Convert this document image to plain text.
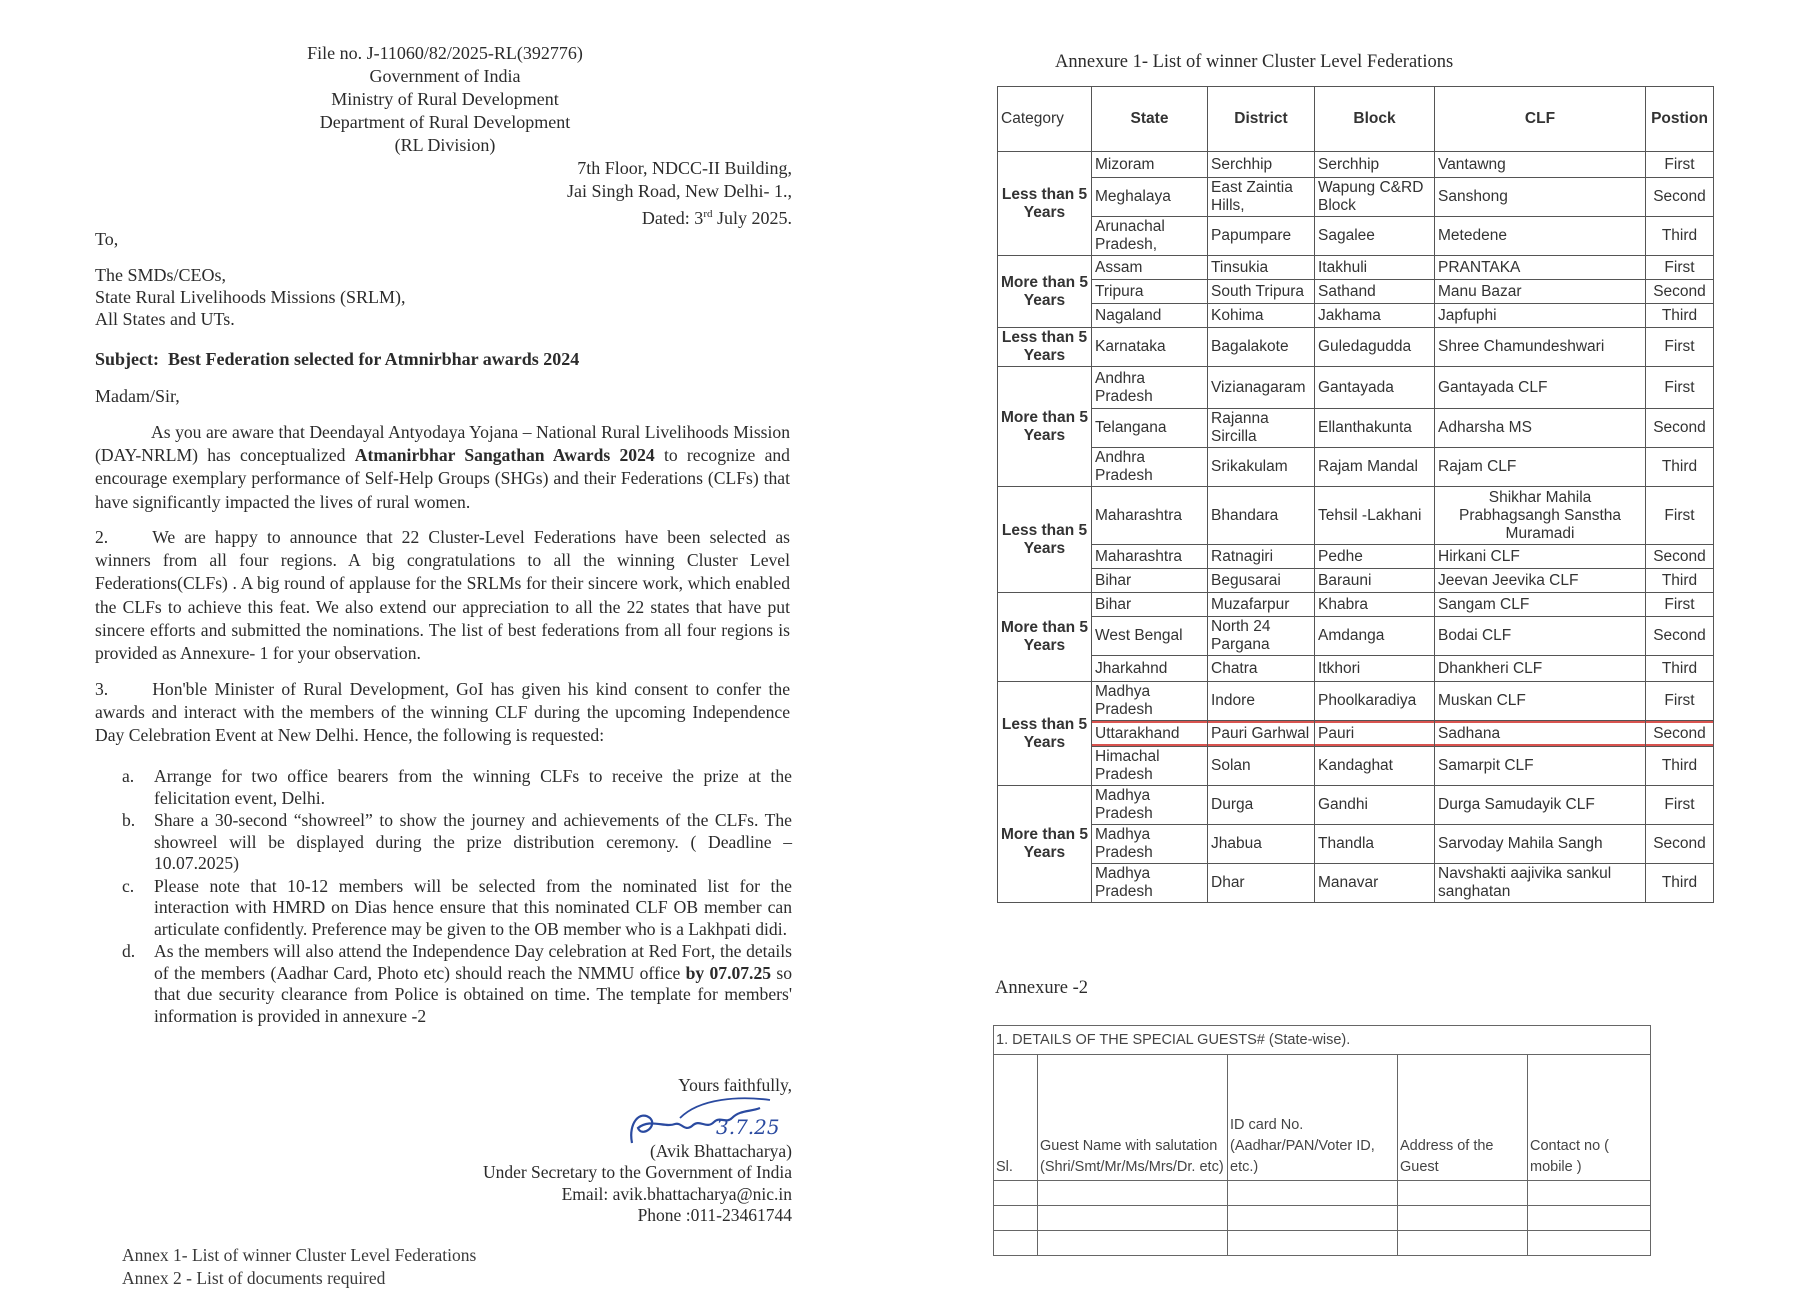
File no. J-11060/82/2025-RL(392776)
Government of India
Ministry of Rural Development
Department of Rural Development
(RL Division)
7th Floor, NDCC-II Building,
Jai Singh Road, New Delhi- 1.,
Dated: 3rd July 2025.
To,
The SMDs/CEOs,
State Rural Livelihoods Missions (SRLM),
All States and UTs.
Subject: Best Federation selected for Atmnirbhar awards 2024
Madam/Sir,
As you are aware that Deendayal Antyodaya Yojana – National Rural Livelihoods Mission (DAY-NRLM) has conceptualized Atmanirbhar Sangathan Awards 2024 to recognize and encourage exemplary performance of Self-Help Groups (SHGs) and their Federations (CLFs) that have significantly impacted the lives of rural women.
2.	We are happy to announce that 22 Cluster-Level Federations have been selected as winners from all four regions. A big congratulations to all the winning Cluster Level Federations(CLFs) . A big round of applause for the SRLMs for their sincere work, which enabled the CLFs to achieve this feat. We also extend our appreciation to all the 22 states that have put sincere efforts and submitted the nominations. The list of best federations from all four regions is provided as Annexure- 1 for your observation.
3.	Hon'ble Minister of Rural Development, GoI has given his kind consent to confer the awards and interact with the members of the winning CLF during the upcoming Independence Day Celebration Event at New Delhi. Hence, the following is requested:
a.	Arrange for two office bearers from the winning CLFs to receive the prize at the felicitation event, Delhi.
b.	Share a 30-second “showreel” to show the journey and achievements of the CLFs. The showreel will be displayed during the prize distribution ceremony. ( Deadline – 10.07.2025)
c.	Please note that 10-12 members will be selected from the nominated list for the interaction with HMRD on Dias hence ensure that this nominated CLF OB member can articulate confidently. Preference may be given to the OB member who is a Lakhpati didi.
d.	As the members will also attend the Independence Day celebration at Red Fort, the details of the members (Aadhar Card, Photo etc) should reach the NMMU office by 07.07.25 so that due security clearance from Police is obtained on time. The template for members' information is provided in annexure -2
3.7.25
Yours faithfully,
(Avik Bhattacharya)
Under Secretary to the Government of India
Email: avik.bhattacharya@nic.in
Phone :011-23461744
Annex 1- List of winner Cluster Level Federations
Annex 2 - List of documents required
Annexure 1- List of winner Cluster Level Federations
Category	State	District	Block	CLF	Postion
Less than 5 Years	Mizoram	Serchhip	Serchhip	Vantawng	First
	Meghalaya	East Zaintia Hills,	Wapung C&RD Block	Sanshong	Second
	Arunachal Pradesh,	Papumpare	Sagalee	Metedene	Third
More than 5 Years	Assam	Tinsukia	Itakhuli	PRANTAKA	First
	Tripura	South Tripura	Sathand	Manu Bazar	Second
	Nagaland	Kohima	Jakhama	Japfuphi	Third
Less than 5 Years	Karnataka	Bagalakote	Guledagudda	Shree Chamundeshwari	First
More than 5 Years	Andhra Pradesh	Vizianagaram	Gantayada	Gantayada CLF	First
	Telangana	Rajanna Sircilla	Ellanthakunta	Adharsha MS	Second
	Andhra Pradesh	Srikakulam	Rajam Mandal	Rajam CLF	Third
Less than 5 Years	Maharashtra	Bhandara	Tehsil -Lakhani	Shikhar Mahila Prabhagsangh Sanstha Muramadi	First
	Maharashtra	Ratnagiri	Pedhe	Hirkani CLF	Second
	Bihar	Begusarai	Barauni	Jeevan Jeevika CLF	Third
More than 5 Years	Bihar	Muzafarpur	Khabra	Sangam CLF	First
	West Bengal	North 24 Pargana	Amdanga	Bodai CLF	Second
	Jharkahnd	Chatra	Itkhori	Dhankheri CLF	Third
Less than 5 Years	Madhya Pradesh	Indore	Phoolkaradiya	Muskan CLF	First
	Uttarakhand	Pauri Garhwal	Pauri	Sadhana	Second
	Himachal Pradesh	Solan	Kandaghat	Samarpit CLF	Third
More than 5 Years	Madhya Pradesh	Durga	Gandhi	Durga Samudayik CLF	First
	Madhya Pradesh	Jhabua	Thandla	Sarvoday Mahila Sangh	Second
	Madhya Pradesh	Dhar	Manavar	Navshakti aajivika sankul sanghatan	Third
Annexure -2
1. DETAILS OF THE SPECIAL GUESTS# (State-wise).				
Sl.	Guest Name with salutation (Shri/Smt/Mr/Ms/Mrs/Dr. etc)	ID card No.(Aadhar/PAN/Voter ID, etc.)	Address of the Guest	Contact no ( mobile )
